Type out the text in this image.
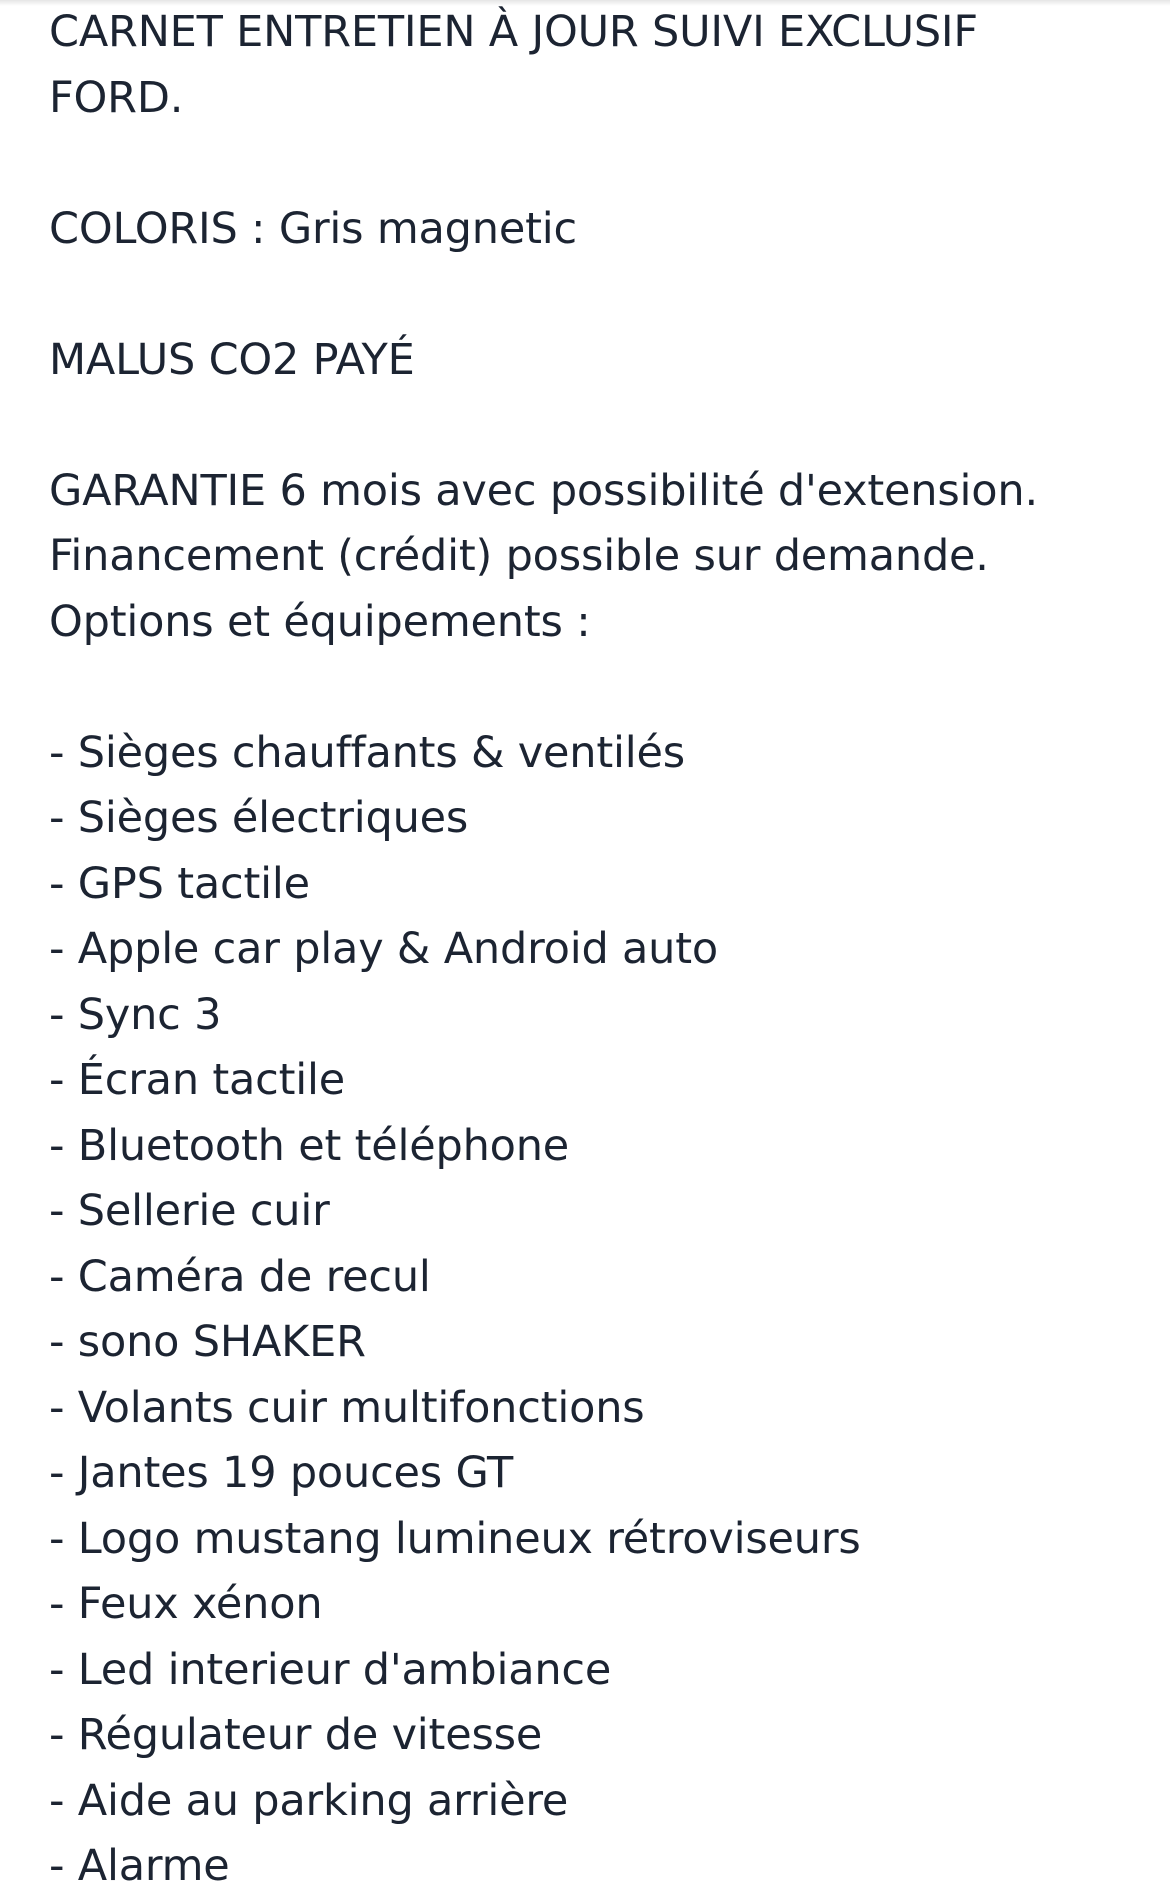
CARNET ENTRETIEN À JOUR SUIVI EXCLUSIF
FORD.
COLORIS : Gris magnetic
MALUS CO2 PAYÉ
GARANTIE 6 mois avec possibilité d'extension.
Financement (crédit) possible sur demande.
Options et équipements :
- Sièges chauffants & ventilés
- Sièges électriques
- GPS tactile
- Apple car play & Android auto
- Sync 3
- Écran tactile
- Bluetooth et téléphone
- Sellerie cuir
- Caméra de recul
- sono SHAKER
- Volants cuir multifonctions
- Jantes 19 pouces GT
- Logo mustang lumineux rétroviseurs
- Feux xénon
- Led interieur d'ambiance
- Régulateur de vitesse
- Aide au parking arrière
- Alarme
